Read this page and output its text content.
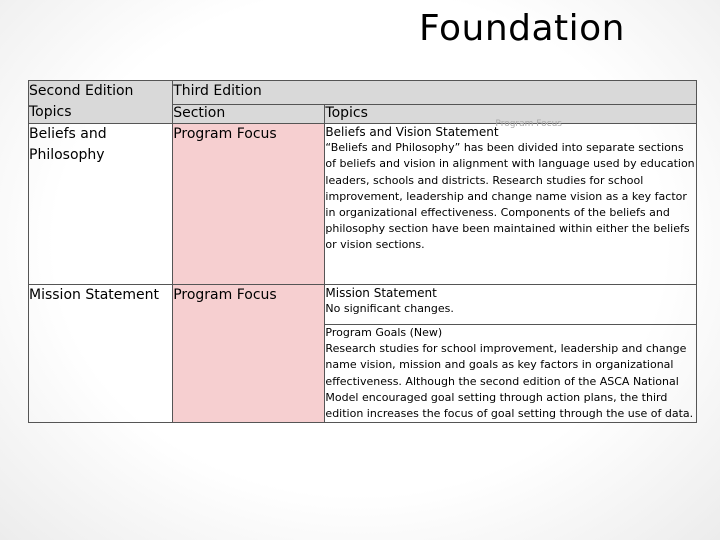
Foundation
Second Edition Topics	Third Edition	
	Section	Topics
Beliefs and Philosophy	Program Focus	Beliefs and Vision Statement
Program Focus
“Beliefs and Philosophy” has been divided into separate sections of beliefs and vision in alignment with language used by education leaders, schools and districts. Research studies for school improvement, leadership and change name vision as a key factor in organizational effectiveness. Components of the beliefs and philosophy section have been maintained within either the beliefs or vision sections.
Mission Statement	Program Focus	Mission Statement
No significant changes.

		Program Goals (New)
Research studies for school improvement, leadership and change name vision, mission and goals as key factors in organizational effectiveness. Although the second edition of the ASCA National Model encouraged goal setting through action plans, the third edition increases the focus of goal setting through the use of data.
